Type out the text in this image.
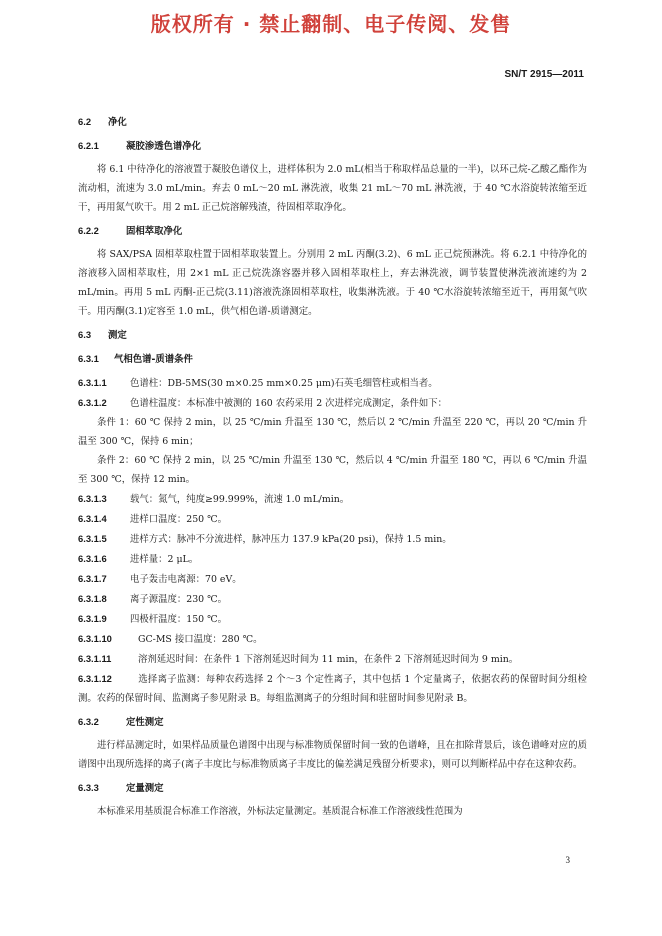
版权所有 · 禁止翻制、电子传阅、发售
SN/T 2915—2011
6.2 净化
6.2.1	凝胶渗透色谱净化

将 6.1 中待净化的溶液置于凝胶色谱仪上，进样体积为 2.0 mL(相当于称取样品总量的一半)，以环己烷-乙酸乙酯作为流动相，流速为 3.0 mL/min。弃去 0 mL～20 mL 淋洗液，收集 21 mL～70 mL 淋洗液，于 40 ℃水浴旋转浓缩至近干，再用氮气吹干。用 2 mL 正己烷溶解残渣，待固相萃取净化。

6.2.2	固相萃取净化

将 SAX/PSA 固相萃取柱置于固相萃取装置上。分别用 2 mL 丙酮(3.2)、6 mL 正己烷预淋洗。将 6.2.1 中待净化的溶液移入固相萃取柱，用 2×1 mL 正己烷洗涤容器并移入固相萃取柱上，弃去淋洗液，调节装置使淋洗液流速约为 2 mL/min。再用 5 mL 丙酮-正己烷(3.11)溶液洗涤固相萃取柱，收集淋洗液。于 40 ℃水浴旋转浓缩至近干，再用氮气吹干。用丙酮(3.1)定容至 1.0 mL，供气相色谱-质谱测定。

6.3 测定
6.3.1 气相色谱-质谱条件

6.3.1.1 色谱柱：DB-5MS(30 m×0.25 mm×0.25 μm)石英毛细管柱或相当者。

6.3.1.2 色谱柱温度：本标准中被测的 160 农药采用 2 次进样完成测定，条件如下：

条件 1：60 ℃ 保持 2 min，以 25 ℃/min 升温至 130 ℃，然后以 2 ℃/min 升温至 220 ℃，再以 20 ℃/min 升温至 300 ℃，保持 6 min；

条件 2：60 ℃ 保持 2 min，以 25 ℃/min 升温至 130 ℃，然后以 4 ℃/min 升温至 180 ℃，再以 6 ℃/min 升温至 300 ℃，保持 12 min。

6.3.1.3 载气：氮气，纯度≥99.999%，流速 1.0 mL/min。

6.3.1.4 进样口温度：250 ℃。

6.3.1.5 进样方式：脉冲不分流进样，脉冲压力 137.9 kPa(20 psi)，保持 1.5 min。

6.3.1.6 进样量：2 μL。

6.3.1.7 电子轰击电离源：70 eV。

6.3.1.8 离子源温度：230 ℃。

6.3.1.9 四极杆温度：150 ℃。

6.3.1.10	GC-MS 接口温度：280 ℃。

6.3.1.11	溶剂延迟时间：在条件 1 下溶剂延迟时间为 11 min，在条件 2 下溶剂延迟时间为 9 min。

6.3.1.12	选择离子监测：每种农药选择 2 个～3 个定性离子，其中包括 1 个定量离子，依据农药的保留时间分组检测。农药的保留时间、监测离子参见附录 B。每组监测离子的分组时间和驻留时间参见附录 B。

6.3.2	定性测定

进行样品测定时，如果样品质量色谱图中出现与标准物质保留时间一致的色谱峰，且在扣除背景后，该色谱峰对应的质谱图中出现所选择的离子(离子丰度比与标准物质离子丰度比的偏差满足残留分析要求)，则可以判断样品中存在这种农药。

6.3.3	定量测定

本标准采用基质混合标准工作溶液，外标法定量测定。基质混合标准工作溶液线性范围为

3
